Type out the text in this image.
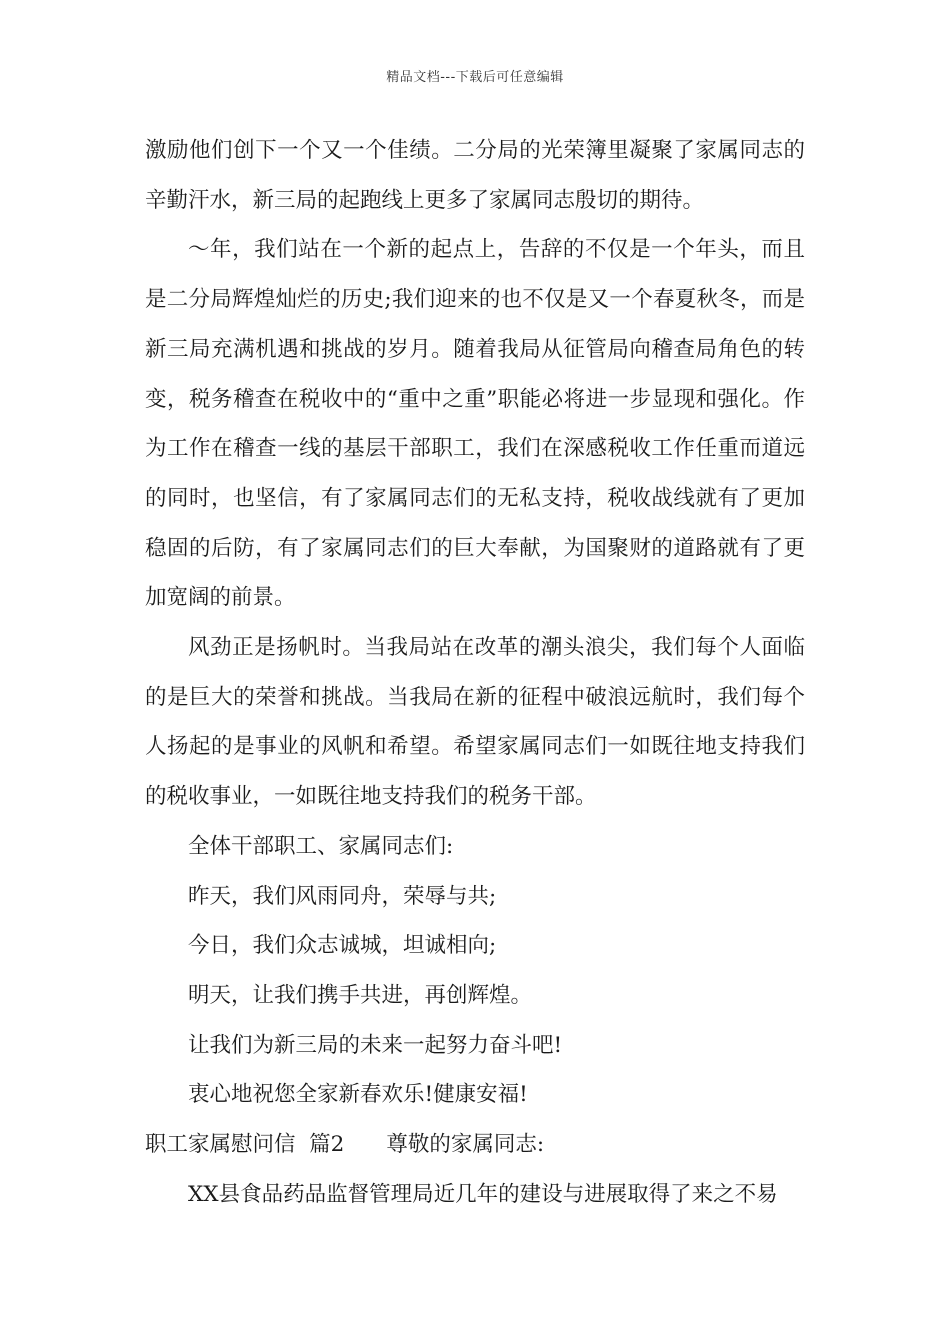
精品文档---下载后可任意编辑

激励他们创下一个又一个佳绩。二分局的光荣簿里凝聚了家属同志的辛勤汗水，新三局的起跑线上更多了家属同志殷切的期待。

～年，我们站在一个新的起点上，告辞的不仅是一个年头，而且是二分局辉煌灿烂的历史;我们迎来的也不仅是又一个春夏秋冬，而是新三局充满机遇和挑战的岁月。随着我局从征管局向稽查局角色的转变，税务稽查在税收中的“重中之重”职能必将进一步显现和强化。作为工作在稽查一线的基层干部职工，我们在深感税收工作任重而道远的同时，也坚信，有了家属同志们的无私支持，税收战线就有了更加稳固的后防，有了家属同志们的巨大奉献，为国聚财的道路就有了更加宽阔的前景。

风劲正是扬帆时。当我局站在改革的潮头浪尖，我们每个人面临的是巨大的荣誉和挑战。当我局在新的征程中破浪远航时，我们每个人扬起的是事业的风帆和希望。希望家属同志们一如既往地支持我们的税收事业，一如既往地支持我们的税务干部。

全体干部职工、家属同志们:

昨天，我们风雨同舟，荣辱与共;

今日，我们众志诚城，坦诚相向;

明天，让我们携手共进，再创辉煌。

让我们为新三局的未来一起努力奋斗吧!

衷心地祝您全家新春欢乐!健康安福!

职工家属慰问信  篇2 尊敬的家属同志:

XX县食品药品监督管理局近几年的建设与进展取得了来之不易
